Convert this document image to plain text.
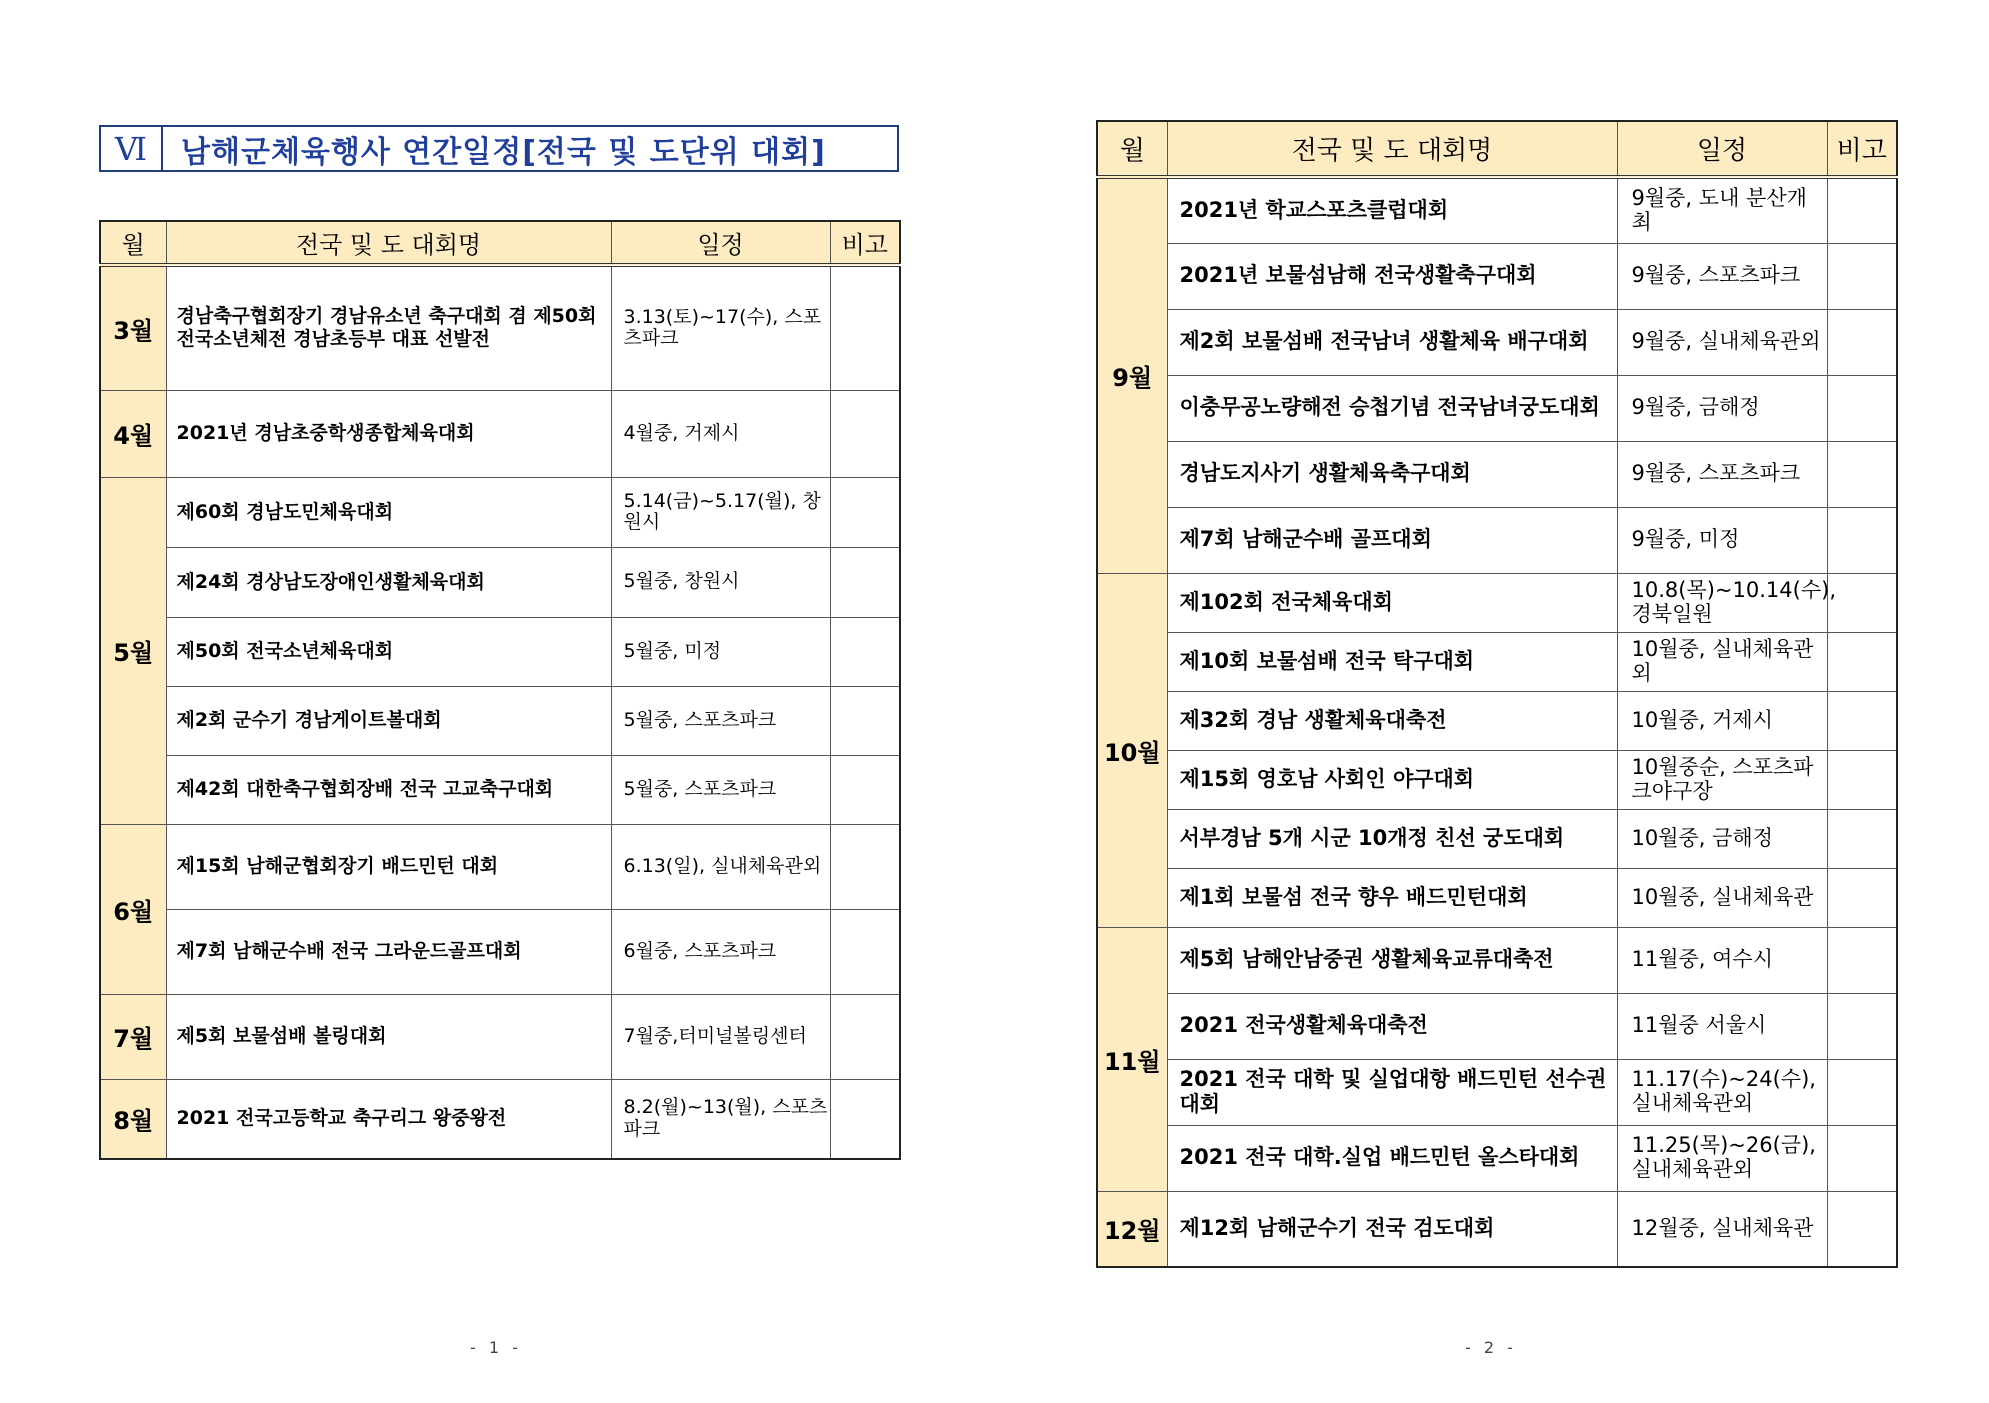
Ⅵ	남해군체육행사 연간일정[전국 및 도단위 대회]
월	전국 및 도 대회명	일정	비고
3월	경남축구협회장기 경남유소년 축구대회 겸 제50회 전국소년체전 경남초등부 대표 선발전	3.13(토)~17(수), 스포츠파크	
4월	2021년 경남초중학생종합체육대회	4월중, 거제시	
5월	제60회 경남도민체육대회	5.14(금)~5.17(월), 창원시	
	제24회 경상남도장애인생활체육대회	5월중, 창원시	
	제50회 전국소년체육대회	5월중, 미정	
	제2회 군수기 경남게이트볼대회	5월중, 스포츠파크	
	제42회 대한축구협회장배 전국 고교축구대회	5월중, 스포츠파크	
6월	제15회 남해군협회장기 배드민턴 대회	6.13(일), 실내체육관외	
	제7회 남해군수배 전국 그라운드골프대회	6월중, 스포츠파크	
7월	제5회 보물섬배 볼링대회	7월중,터미널볼링센터	
8월	2021 전국고등학교 축구리그 왕중왕전	8.2(월)~13(월), 스포츠파크	
- 1 -
월	전국 및 도 대회명	일정	비고
9월	2021년 학교스포츠클럽대회	9월중, 도내 분산개최	
	2021년 보물섬남해 전국생활축구대회	9월중, 스포츠파크	
	제2회 보물섬배 전국남녀 생활체육 배구대회	9월중, 실내체육관외	
	이충무공노량해전 승첩기념 전국남녀궁도대회	9월중, 금해정	
	경남도지사기 생활체육축구대회	9월중, 스포츠파크	
	제7회 남해군수배 골프대회	9월중, 미정	
10월	제102회 전국체육대회	10.8(목)~10.14(수), 경북일원	
	제10회 보물섬배 전국 탁구대회	10월중, 실내체육관외	
	제32회 경남 생활체육대축전	10월중, 거제시	
	제15회 영호남 사회인 야구대회	10월중순, 스포츠파크야구장	
	서부경남 5개 시군 10개정 친선 궁도대회	10월중, 금해정	
	제1회 보물섬 전국 향우 배드민턴대회	10월중, 실내체육관	
11월	제5회 남해안남중권 생활체육교류대축전	11월중, 여수시	
	2021 전국생활체육대축전	11월중 서울시	
	2021 전국 대학 및 실업대항 배드민턴 선수권대회	11.17(수)~24(수), 실내체육관외	
	2021 전국 대학.실업 배드민턴 올스타대회	11.25(목)~26(금), 실내체육관외	
12월	제12회 남해군수기 전국 검도대회	12월중, 실내체육관	
- 2 -
